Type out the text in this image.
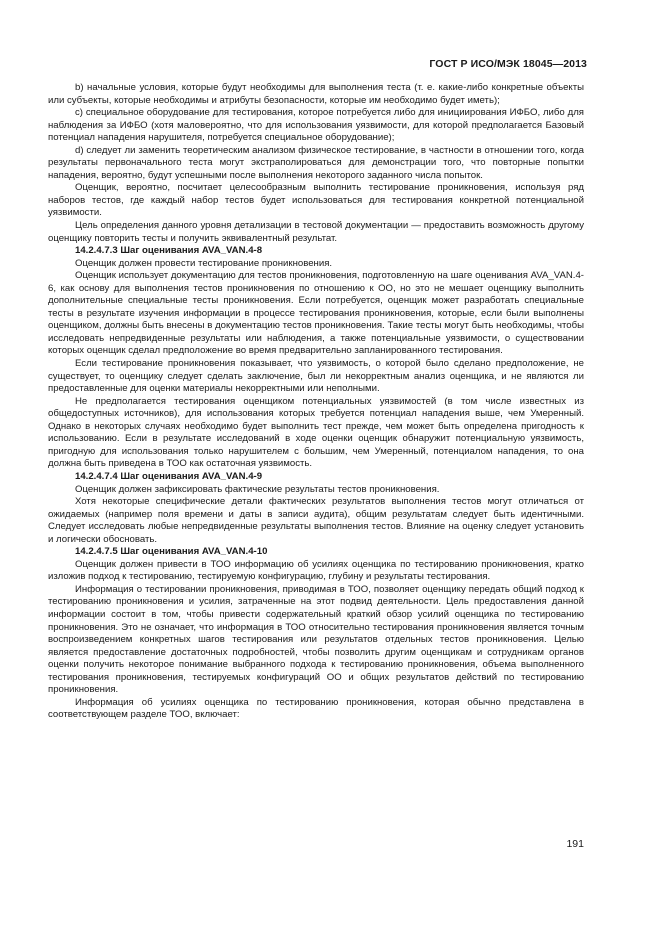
ГОСТ Р ИСО/МЭК 18045—2013

b) начальные условия, которые будут необходимы для выполнения теста (т. е. какие-либо конкретные объекты или субъекты, которые необходимы и атрибуты безопасности, которые им необходимо будет иметь);

c) специальное оборудование для тестирования, которое потребуется либо для инициирования ИФБО, либо для наблюдения за ИФБО (хотя маловероятно, что для использования уязвимости, для которой предполагается Базовый потенциал нападения нарушителя, потребуется специальное оборудование);

d) следует ли заменить теоретическим анализом физическое тестирование, в частности в отношении того, когда результаты первоначального теста могут экстраполироваться для демонстрации того, что повторные попытки нападения, вероятно, будут успешными после выполнения некоторого заданного числа попыток.

Оценщик, вероятно, посчитает целесообразным выполнить тестирование проникновения, используя ряд наборов тестов, где каждый набор тестов будет использоваться для тестирования конкретной потенциальной уязвимости.

Цель определения данного уровня детализации в тестовой документации — предоставить возможность другому оценщику повторить тесты и получить эквивалентный результат.

14.2.4.7.3 Шаг оценивания AVA_VAN.4-8

Оценщик должен провести тестирование проникновения.

Оценщик использует документацию для тестов проникновения, подготовленную на шаге оценивания AVA_VAN.4-6, как основу для выполнения тестов проникновения по отношению к ОО, но это не мешает оценщику выполнить дополнительные специальные тесты проникновения. Если потребуется, оценщик может разработать специальные тесты в результате изучения информации в процессе тестирования проникновения, которые, если были выполнены оценщиком, должны быть внесены в документацию тестов проникновения. Такие тесты могут быть необходимы, чтобы исследовать непредвиденные результаты или наблюдения, а также потенциальные уязвимости, о существовании которых оценщик сделал предположение во время предварительно запланированного тестирования.

Если тестирование проникновения показывает, что уязвимость, о которой было сделано предположение, не существует, то оценщику следует сделать заключение, был ли некорректным анализ оценщика, и не являются ли предоставленные для оценки материалы некорректными или неполными.

Не предполагается тестирования оценщиком потенциальных уязвимостей (в том числе известных из общедоступных источников), для использования которых требуется потенциал нападения выше, чем Умеренный. Однако в некоторых случаях необходимо будет выполнить тест прежде, чем может быть определена пригодность к использованию. Если в результате исследований в ходе оценки оценщик обнаружит потенциальную уязвимость, пригодную для использования только нарушителем с большим, чем Умеренный, потенциалом нападения, то она должна быть приведена в ТОО как остаточная уязвимость.

14.2.4.7.4 Шаг оценивания AVA_VAN.4-9

Оценщик должен зафиксировать фактические результаты тестов проникновения.

Хотя некоторые специфические детали фактических результатов выполнения тестов могут отличаться от ожидаемых (например поля времени и даты в записи аудита), общим результатам следует быть идентичными. Следует исследовать любые непредвиденные результаты выполнения тестов. Влияние на оценку следует установить и логически обосновать.

14.2.4.7.5 Шаг оценивания AVA_VAN.4-10

Оценщик должен привести в ТОО информацию об усилиях оценщика по тестированию проникновения, кратко изложив подход к тестированию, тестируемую конфигурацию, глубину и результаты тестирования.

Информация о тестировании проникновения, приводимая в ТОО, позволяет оценщику передать общий подход к тестированию проникновения и усилия, затраченные на этот подвид деятельности. Цель предоставления данной информации состоит в том, чтобы привести содержательный краткий обзор усилий оценщика по тестированию проникновения. Это не означает, что информация в ТОО относительно тестирования проникновения является точным воспроизведением конкретных шагов тестирования или результатов отдельных тестов проникновения. Целью является предоставление достаточных подробностей, чтобы позволить другим оценщикам и сотрудникам органов оценки получить некоторое понимание выбранного подхода к тестированию проникновения, объема выполненного тестирования проникновения, тестируемых конфигураций ОО и общих результатов действий по тестированию проникновения.

Информация об усилиях оценщика по тестированию проникновения, которая обычно представлена в соответствующем разделе ТОО, включает:

191
